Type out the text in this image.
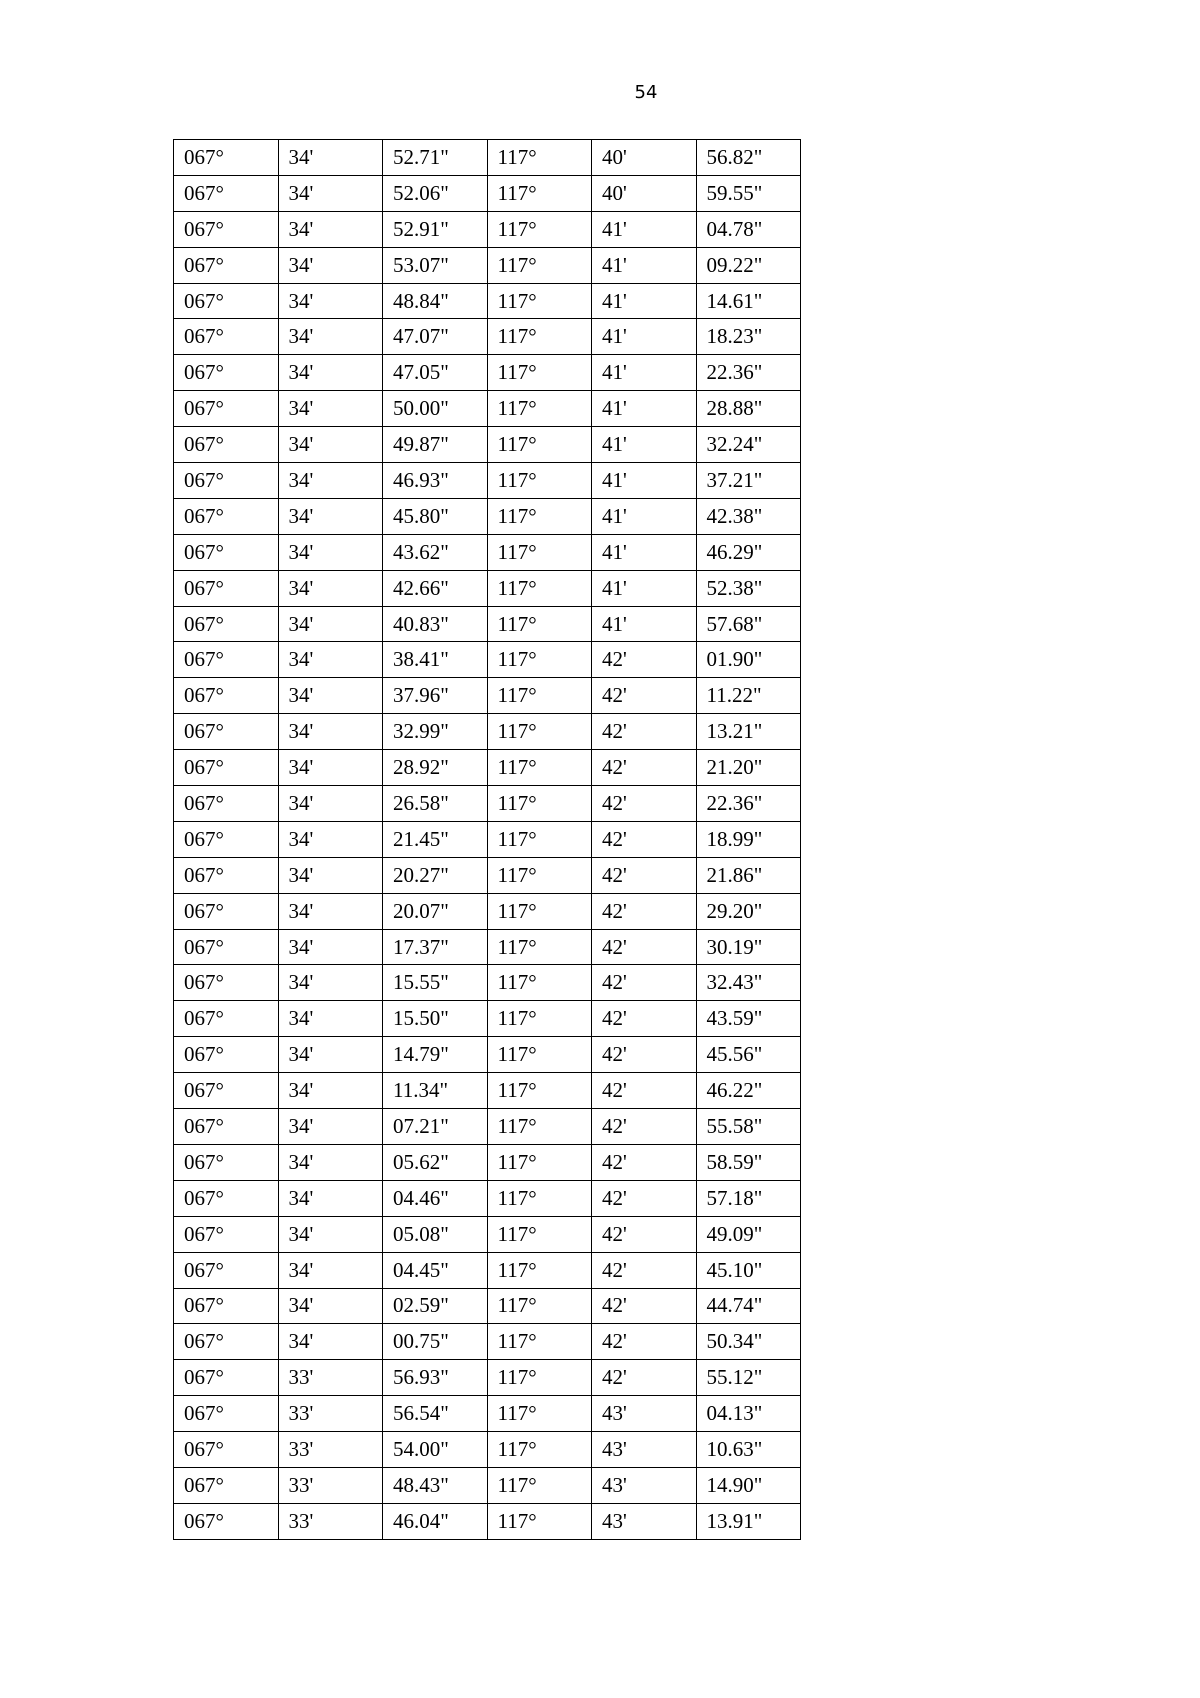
54
067°	34'	52.71"	117°	40'	56.82"
067°	34'	52.06"	117°	40'	59.55"
067°	34'	52.91"	117°	41'	04.78"
067°	34'	53.07"	117°	41'	09.22"
067°	34'	48.84"	117°	41'	14.61"
067°	34'	47.07"	117°	41'	18.23"
067°	34'	47.05"	117°	41'	22.36"
067°	34'	50.00"	117°	41'	28.88"
067°	34'	49.87"	117°	41'	32.24"
067°	34'	46.93"	117°	41'	37.21"
067°	34'	45.80"	117°	41'	42.38"
067°	34'	43.62"	117°	41'	46.29"
067°	34'	42.66"	117°	41'	52.38"
067°	34'	40.83"	117°	41'	57.68"
067°	34'	38.41"	117°	42'	01.90"
067°	34'	37.96"	117°	42'	11.22"
067°	34'	32.99"	117°	42'	13.21"
067°	34'	28.92"	117°	42'	21.20"
067°	34'	26.58"	117°	42'	22.36"
067°	34'	21.45"	117°	42'	18.99"
067°	34'	20.27"	117°	42'	21.86"
067°	34'	20.07"	117°	42'	29.20"
067°	34'	17.37"	117°	42'	30.19"
067°	34'	15.55"	117°	42'	32.43"
067°	34'	15.50"	117°	42'	43.59"
067°	34'	14.79"	117°	42'	45.56"
067°	34'	11.34"	117°	42'	46.22"
067°	34'	07.21"	117°	42'	55.58"
067°	34'	05.62"	117°	42'	58.59"
067°	34'	04.46"	117°	42'	57.18"
067°	34'	05.08"	117°	42'	49.09"
067°	34'	04.45"	117°	42'	45.10"
067°	34'	02.59"	117°	42'	44.74"
067°	34'	00.75"	117°	42'	50.34"
067°	33'	56.93"	117°	42'	55.12"
067°	33'	56.54"	117°	43'	04.13"
067°	33'	54.00"	117°	43'	10.63"
067°	33'	48.43"	117°	43'	14.90"
067°	33'	46.04"	117°	43'	13.91"
